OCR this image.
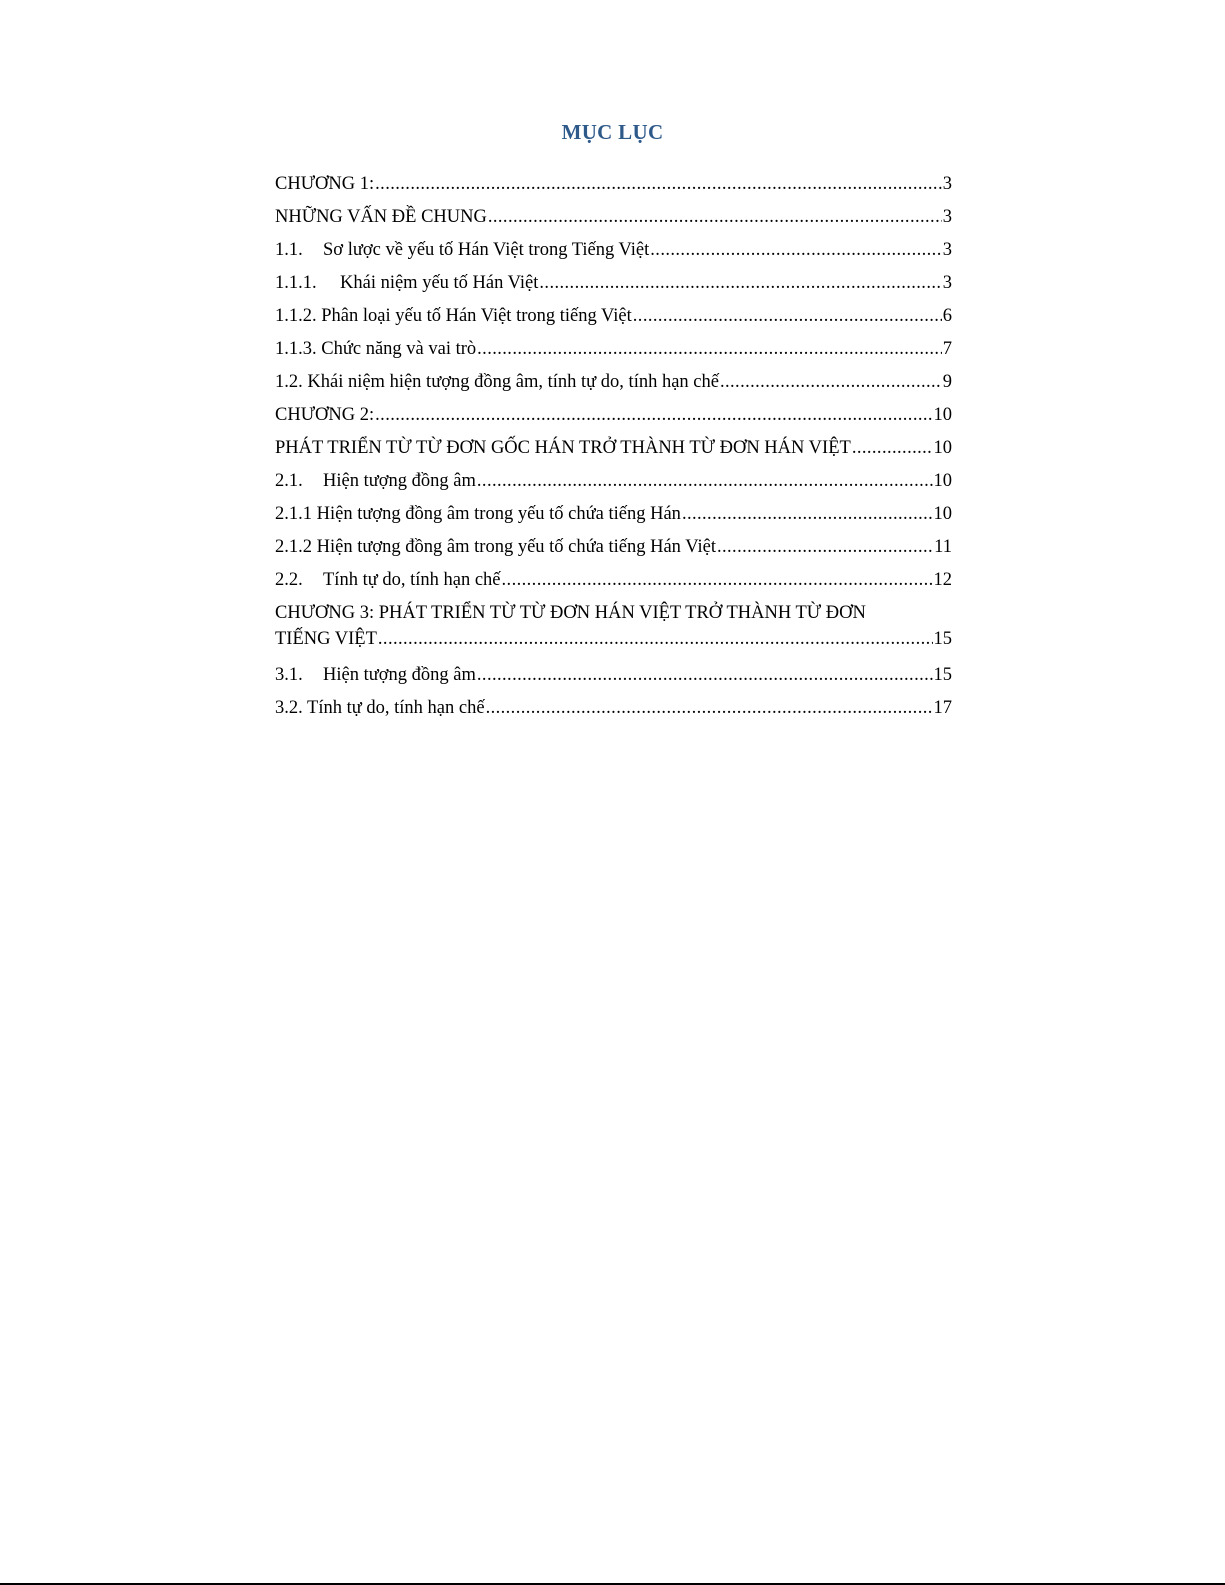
MỤC LỤC
CHƯƠNG 1: .....	3
NHỮNG VẤN ĐỀ CHUNG .....	3
1.1. Sơ lược về yếu tố Hán Việt trong Tiếng Việt .....	3
1.1.1. Khái niệm yếu tố Hán Việt .....	3
1.1.2. Phân loại yếu tố Hán Việt trong tiếng Việt .....	6
1.1.3. Chức năng và vai trò .....	7
1.2. Khái niệm hiện tượng đồng âm, tính tự do, tính hạn chế .....	9
CHƯƠNG 2: .....	10
PHÁT TRIỂN TỪ TỪ ĐƠN GỐC HÁN TRỞ THÀNH TỪ ĐƠN HÁN VIỆT .....	10
2.1. Hiện tượng đồng âm .....	10
2.1.1 Hiện tượng đồng âm trong yếu tố chứa tiếng Hán .....	10
2.1.2 Hiện tượng đồng âm trong yếu tố chứa tiếng Hán Việt .....	11
2.2. Tính tự do, tính hạn chế .....	12
CHƯƠNG 3: PHÁT TRIỂN TỪ TỪ ĐƠN HÁN VIỆT TRỞ THÀNH TỪ ĐƠN
TIẾNG VIỆT .....	15
3.1. Hiện tượng đồng âm .....	15
3.2. Tính tự do, tính hạn chế .....	17
